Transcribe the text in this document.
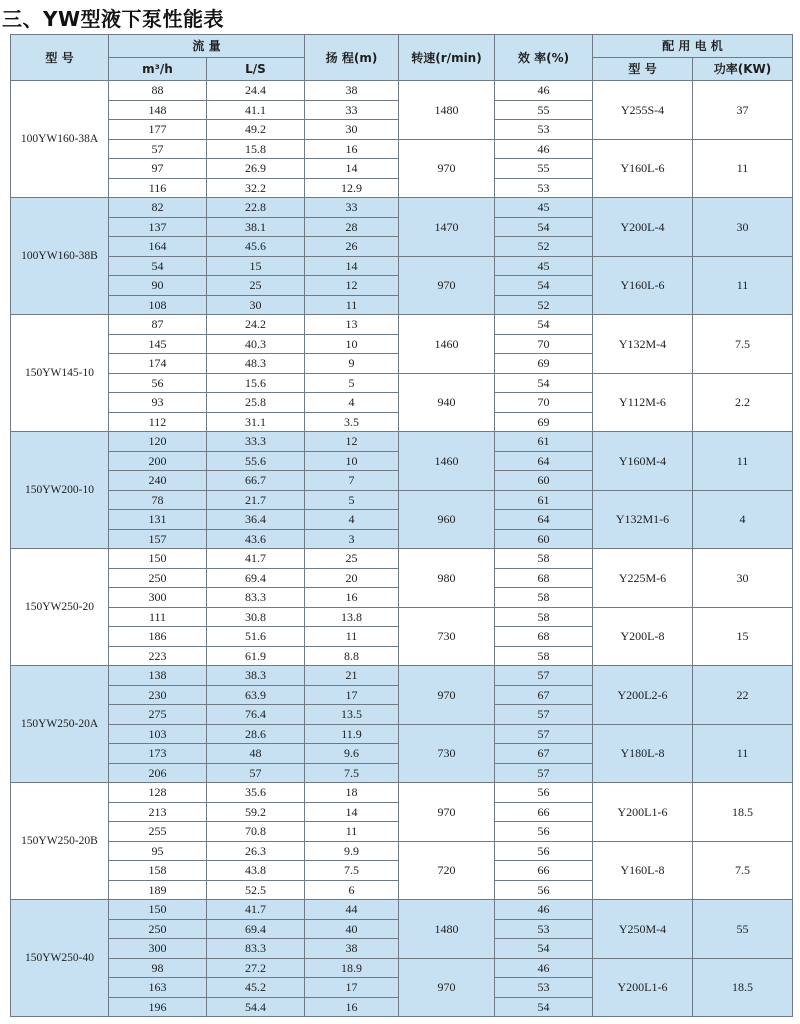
三、YW型液下泵性能表
型 号	流 量		扬 程(m)	转速(r/min)	效 率(%)	配 用 电 机	
	m³/h	L/S				型 号	功率(KW)
100YW160-38A	88	24.4	38	1480	46	Y255S-4	37
	148	41.1	33		55		
	177	49.2	30		53		
	57	15.8	16	970	46	Y160L-6	11
	97	26.9	14		55		
	116	32.2	12.9		53		
100YW160-38B	82	22.8	33	1470	45	Y200L-4	30
	137	38.1	28		54		
	164	45.6	26		52		
	54	15	14	970	45	Y160L-6	11
	90	25	12		54		
	108	30	11		52		
150YW145-10	87	24.2	13	1460	54	Y132M-4	7.5
	145	40.3	10		70		
	174	48.3	9		69		
	56	15.6	5	940	54	Y112M-6	2.2
	93	25.8	4		70		
	112	31.1	3.5		69		
150YW200-10	120	33.3	12	1460	61	Y160M-4	11
	200	55.6	10		64		
	240	66.7	7		60		
	78	21.7	5	960	61	Y132M1-6	4
	131	36.4	4		64		
	157	43.6	3		60		
150YW250-20	150	41.7	25	980	58	Y225M-6	30
	250	69.4	20		68		
	300	83.3	16		58		
	111	30.8	13.8	730	58	Y200L-8	15
	186	51.6	11		68		
	223	61.9	8.8		58		
150YW250-20A	138	38.3	21	970	57	Y200L2-6	22
	230	63.9	17		67		
	275	76.4	13.5		57		
	103	28.6	11.9	730	57	Y180L-8	11
	173	48	9.6		67		
	206	57	7.5		57		
150YW250-20B	128	35.6	18	970	56	Y200L1-6	18.5
	213	59.2	14		66		
	255	70.8	11		56		
	95	26.3	9.9	720	56	Y160L-8	7.5
	158	43.8	7.5		66		
	189	52.5	6		56		
150YW250-40	150	41.7	44	1480	46	Y250M-4	55
	250	69.4	40		53		
	300	83.3	38		54		
	98	27.2	18.9	970	46	Y200L1-6	18.5
	163	45.2	17		53		
	196	54.4	16		54		
